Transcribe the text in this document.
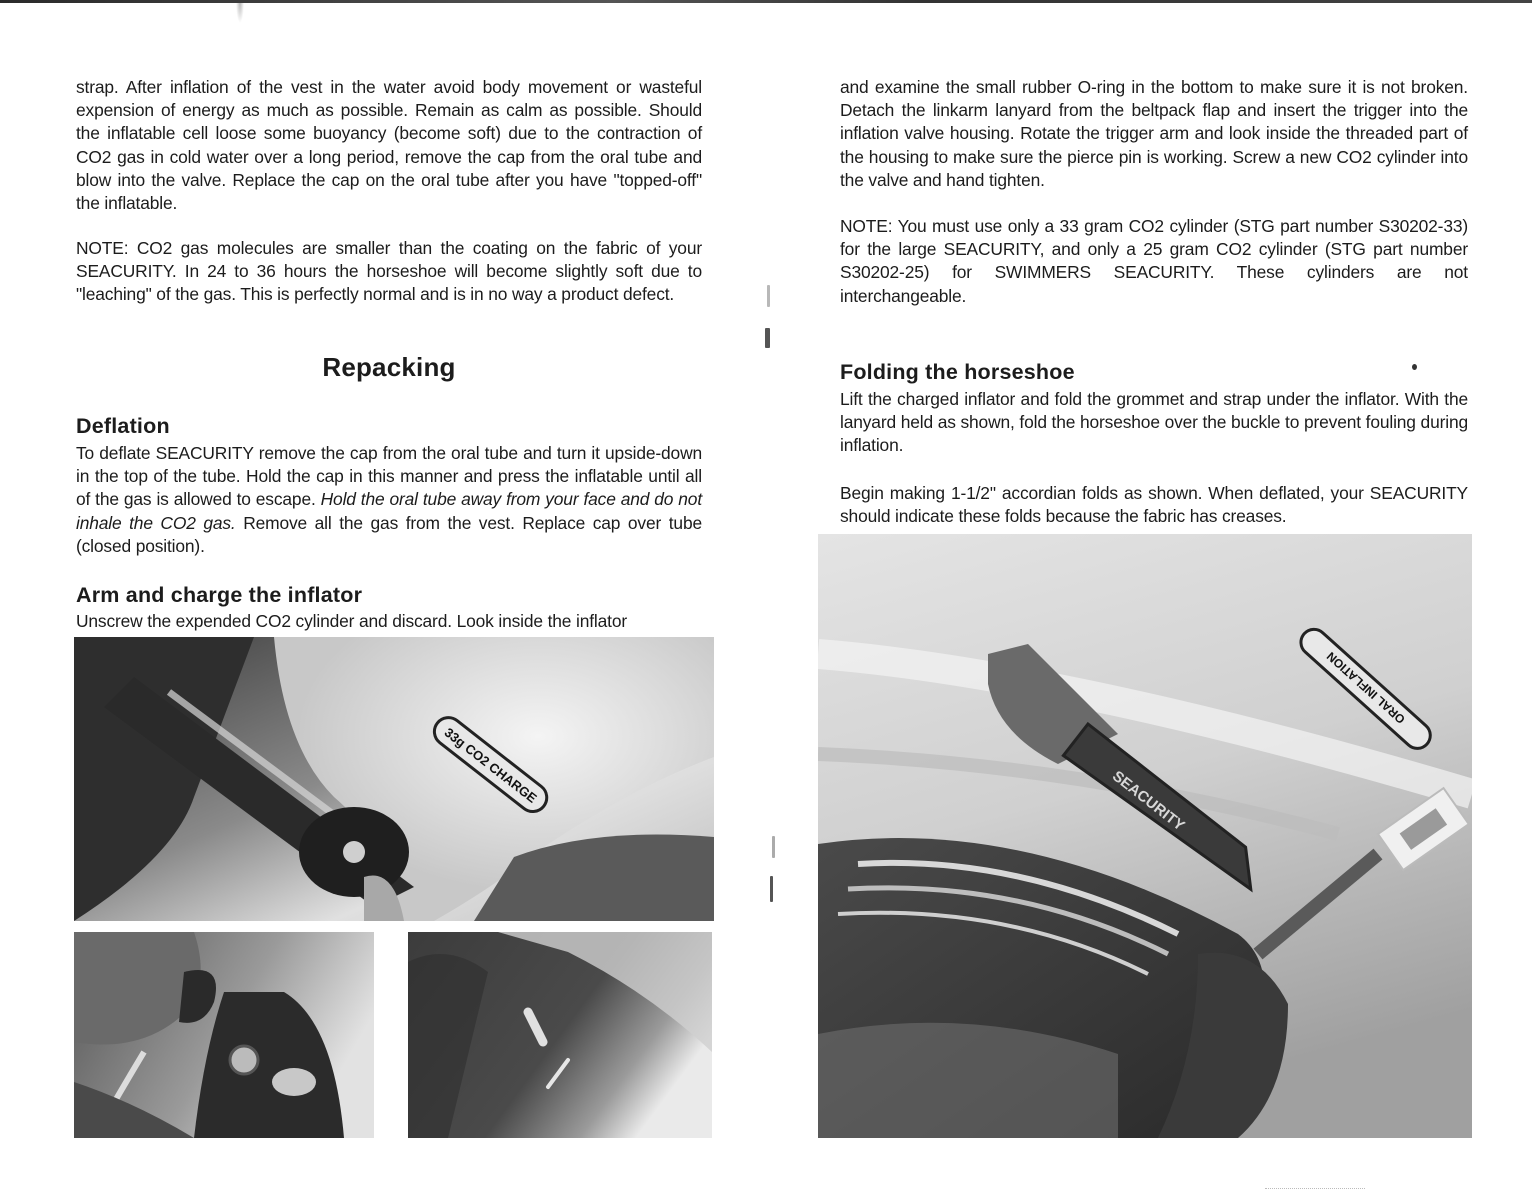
strap. After inflation of the vest in the water avoid body movement or wasteful expension of energy as much as possible. Remain as calm as possible. Should the inflatable cell loose some buoyancy (become soft) due to the contraction of CO2 gas in cold water over a long period, remove the cap from the oral tube and blow into the valve. Replace the cap on the oral tube after you have "topped-off" the inflatable.

NOTE: CO2 gas molecules are smaller than the coating on the fabric of your SEACURITY. In 24 to 36 hours the horseshoe will become slightly soft due to "leaching" of the gas. This is perfectly normal and is in no way a product defect.

Repacking
Deflation

To deflate SEACURITY remove the cap from the oral tube and turn it upside-down in the top of the tube. Hold the cap in this manner and press the inflatable until all of the gas is allowed to escape. Hold the oral tube away from your face and do not inhale the CO2 gas. Remove all the gas from the vest. Replace cap over tube (closed position).

Arm and charge the inflator

Unscrew the expended CO2 cylinder and discard. Look inside the inflator

33g CO2 CHARGE

and examine the small rubber O-ring in the bottom to make sure it is not broken. Detach the linkarm lanyard from the beltpack flap and insert the trigger into the inflation valve housing. Rotate the trigger arm and look inside the threaded part of the housing to make sure the pierce pin is working. Screw a new CO2 cylinder into the valve and hand tighten.

NOTE: You must use only a 33 gram CO2 cylinder (STG part number S30202-33) for the large SEACURITY, and only a 25 gram CO2 cylinder (STG part number S30202-25) for SWIMMERS SEACURITY. These cylinders are not interchangeable.

Folding the horseshoe

Lift the charged inflator and fold the grommet and strap under the inflator. With the lanyard held as shown, fold the horseshoe over the buckle to prevent fouling during inflation.

Begin making 1-1/2" accordian folds as shown. When deflated, your SEACURITY should indicate these folds because the fabric has creases.

SEACURITY
ORAL INFLATION
